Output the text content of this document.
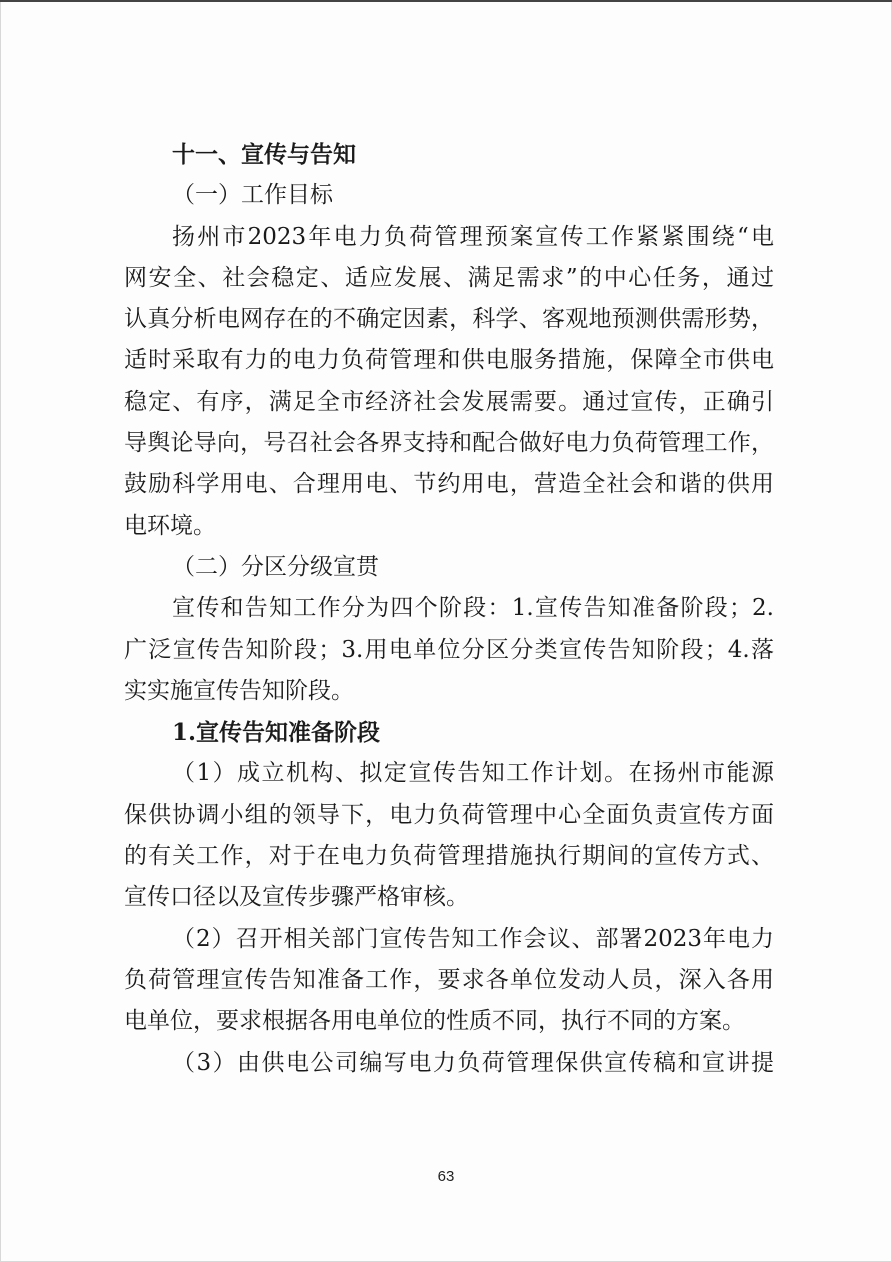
十一、宣传与告知

（一）工作目标

扬州市2023年电力负荷管理预案宣传工作紧紧围绕“电

网安全、社会稳定、适应发展、满足需求”的中心任务，通过

认真分析电网存在的不确定因素，科学、客观地预测供需形势，

适时采取有力的电力负荷管理和供电服务措施，保障全市供电

稳定、有序，满足全市经济社会发展需要。通过宣传，正确引

导舆论导向，号召社会各界支持和配合做好电力负荷管理工作，

鼓励科学用电、合理用电、节约用电，营造全社会和谐的供用

电环境。

（二）分区分级宣贯

宣传和告知工作分为四个阶段：1.宣传告知准备阶段；2.

广泛宣传告知阶段；3.用电单位分区分类宣传告知阶段；4.落

实实施宣传告知阶段。

1.宣传告知准备阶段

（1）成立机构、拟定宣传告知工作计划。在扬州市能源

保供协调小组的领导下，电力负荷管理中心全面负责宣传方面

的有关工作，对于在电力负荷管理措施执行期间的宣传方式、

宣传口径以及宣传步骤严格审核。

（2）召开相关部门宣传告知工作会议、部署2023年电力

负荷管理宣传告知准备工作，要求各单位发动人员，深入各用

电单位，要求根据各用电单位的性质不同，执行不同的方案。

（3）由供电公司编写电力负荷管理保供宣传稿和宣讲提

63
